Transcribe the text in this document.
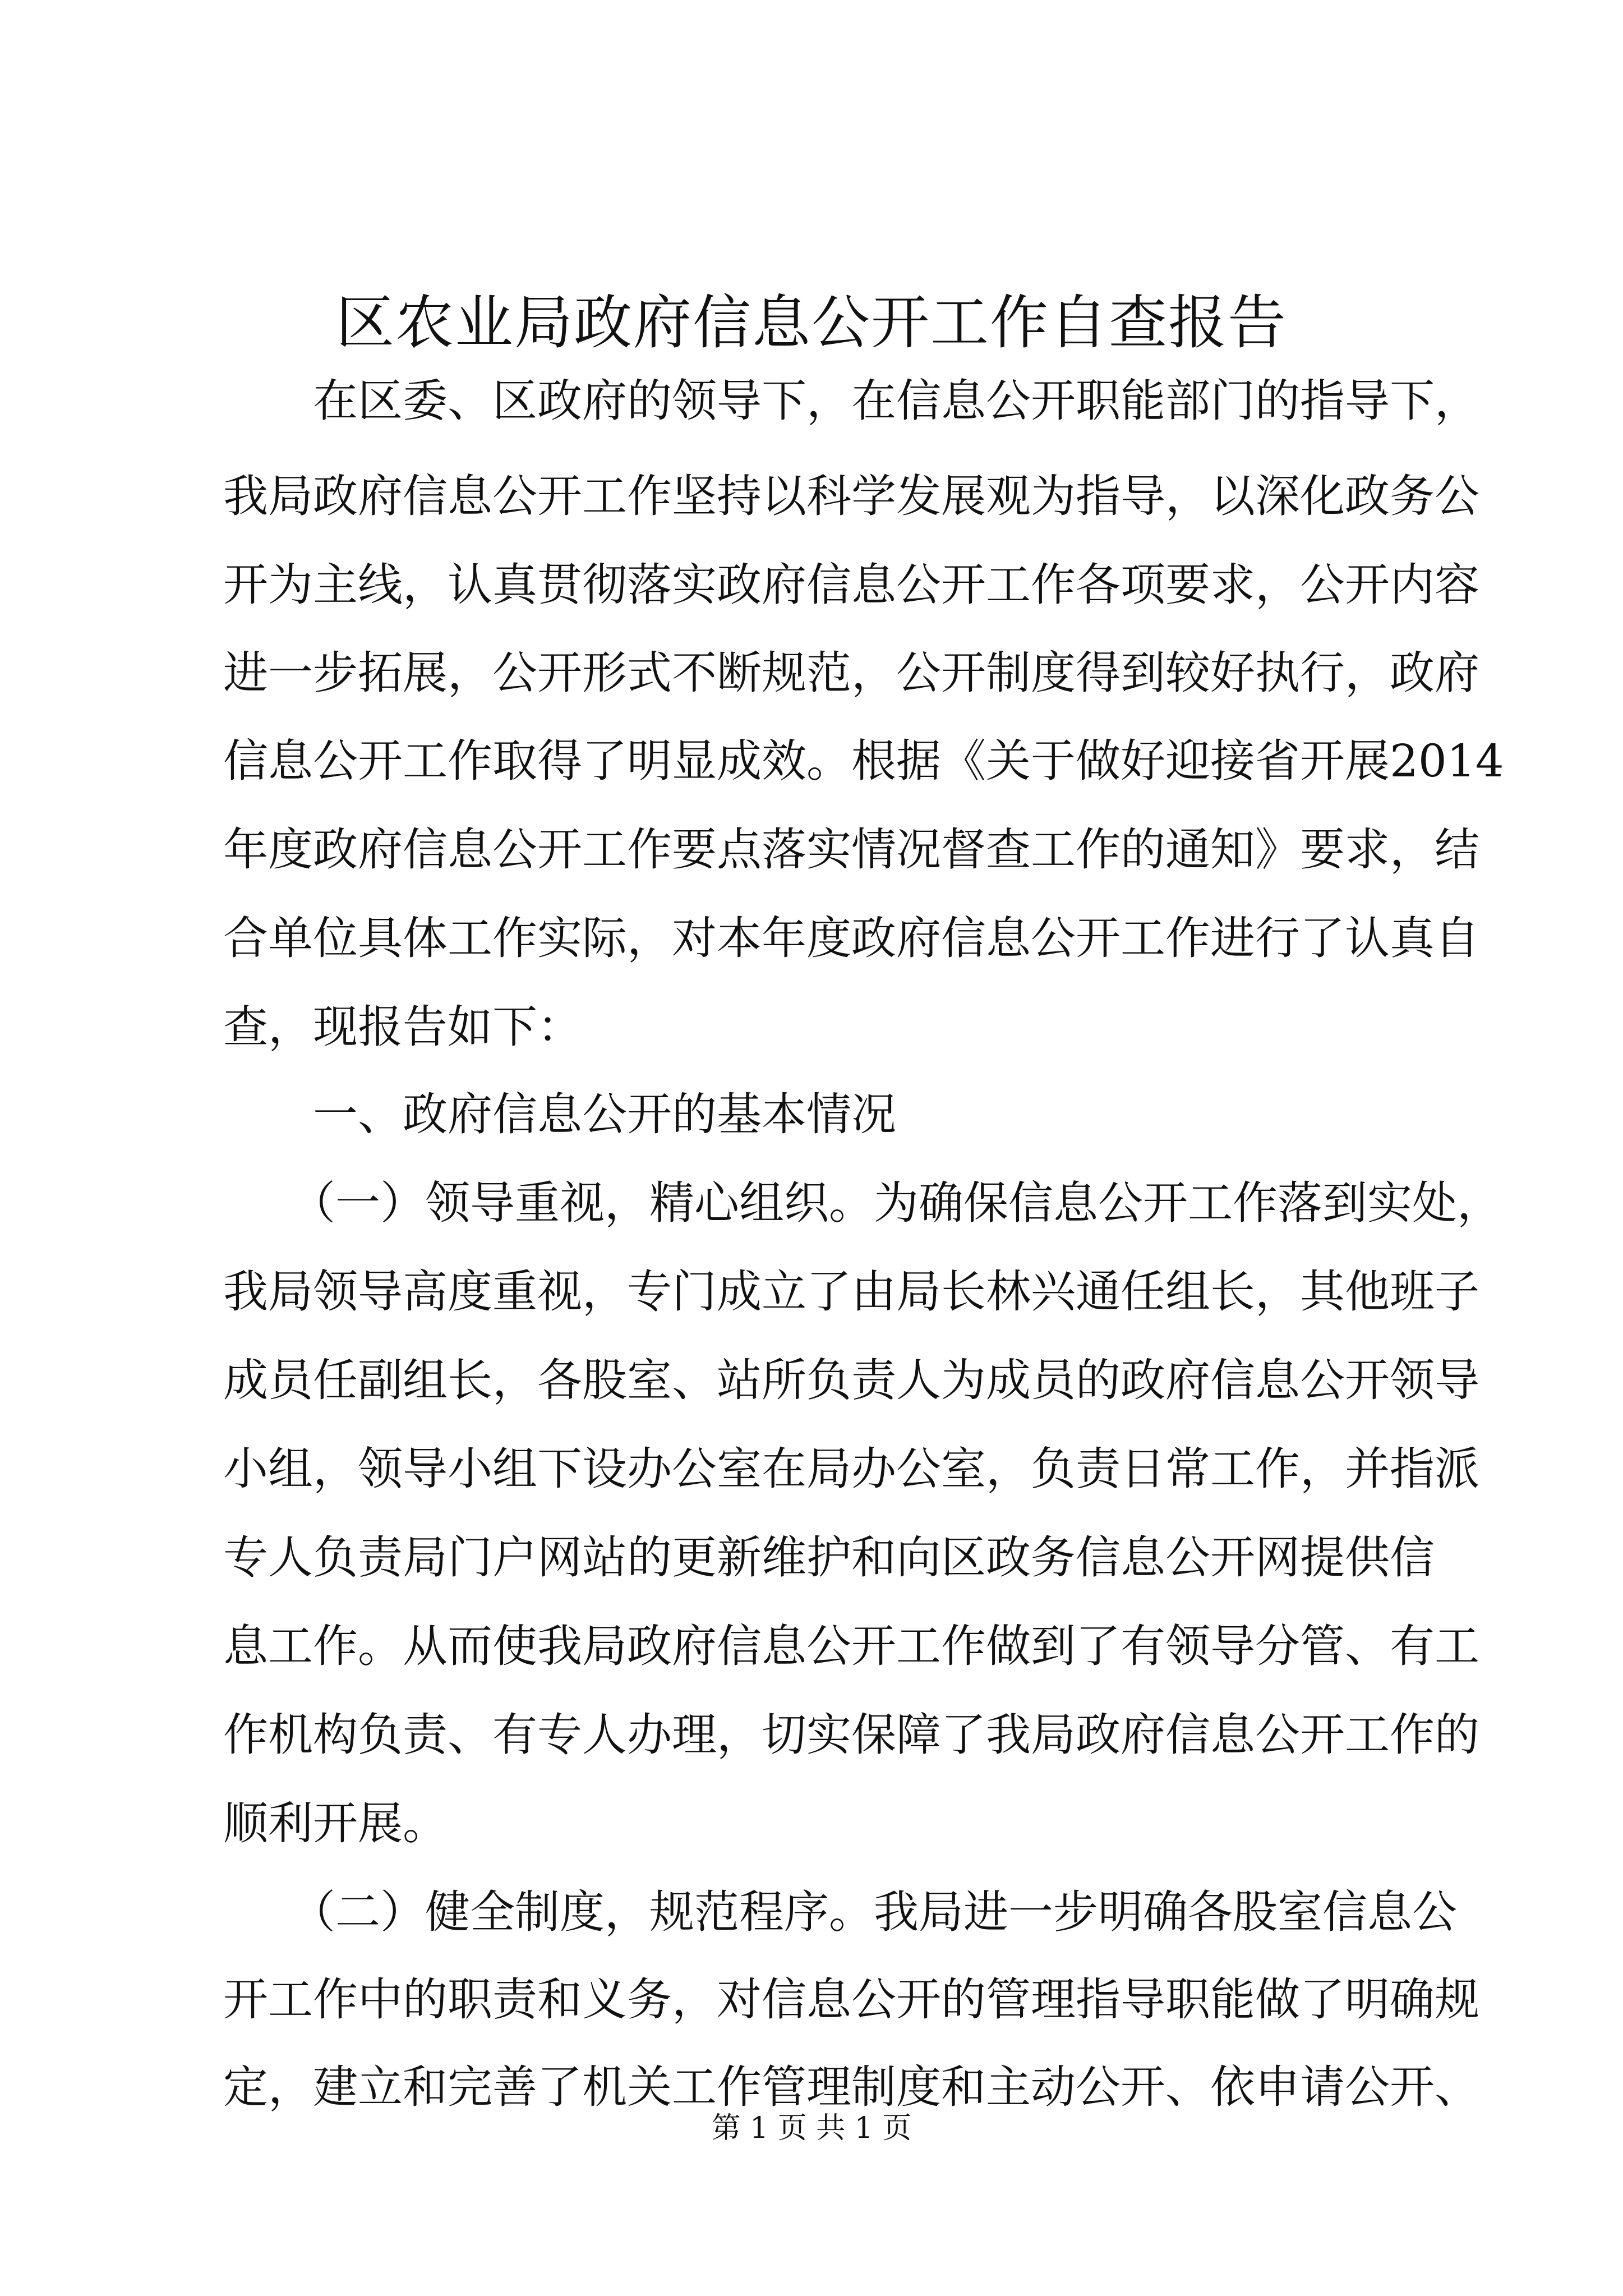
区农业局政府信息公开工作自查报告
　　在区委、区政府的领导下，在信息公开职能部门的指导下，
我局政府信息公开工作坚持以科学发展观为指导，以深化政务公
开为主线，认真贯彻落实政府信息公开工作各项要求，公开内容
进一步拓展，公开形式不断规范，公开制度得到较好执行，政府
信息公开工作取得了明显成效。根据《关于做好迎接省开展2014
年度政府信息公开工作要点落实情况督查工作的通知》要求，结
合单位具体工作实际，对本年度政府信息公开工作进行了认真自
查，现报告如下：
　　一、政府信息公开的基本情况
　　（一）领导重视，精心组织。为确保信息公开工作落到实处，
我局领导高度重视，专门成立了由局长林兴通任组长，其他班子
成员任副组长，各股室、站所负责人为成员的政府信息公开领导
小组，领导小组下设办公室在局办公室，负责日常工作，并指派
专人负责局门户网站的更新维护和向区政务信息公开网提供信
息工作。从而使我局政府信息公开工作做到了有领导分管、有工
作机构负责、有专人办理，切实保障了我局政府信息公开工作的
顺利开展。
　　（二）健全制度，规范程序。我局进一步明确各股室信息公
开工作中的职责和义务，对信息公开的管理指导职能做了明确规
定，建立和完善了机关工作管理制度和主动公开、依申请公开、
第 1 页 共 1 页
